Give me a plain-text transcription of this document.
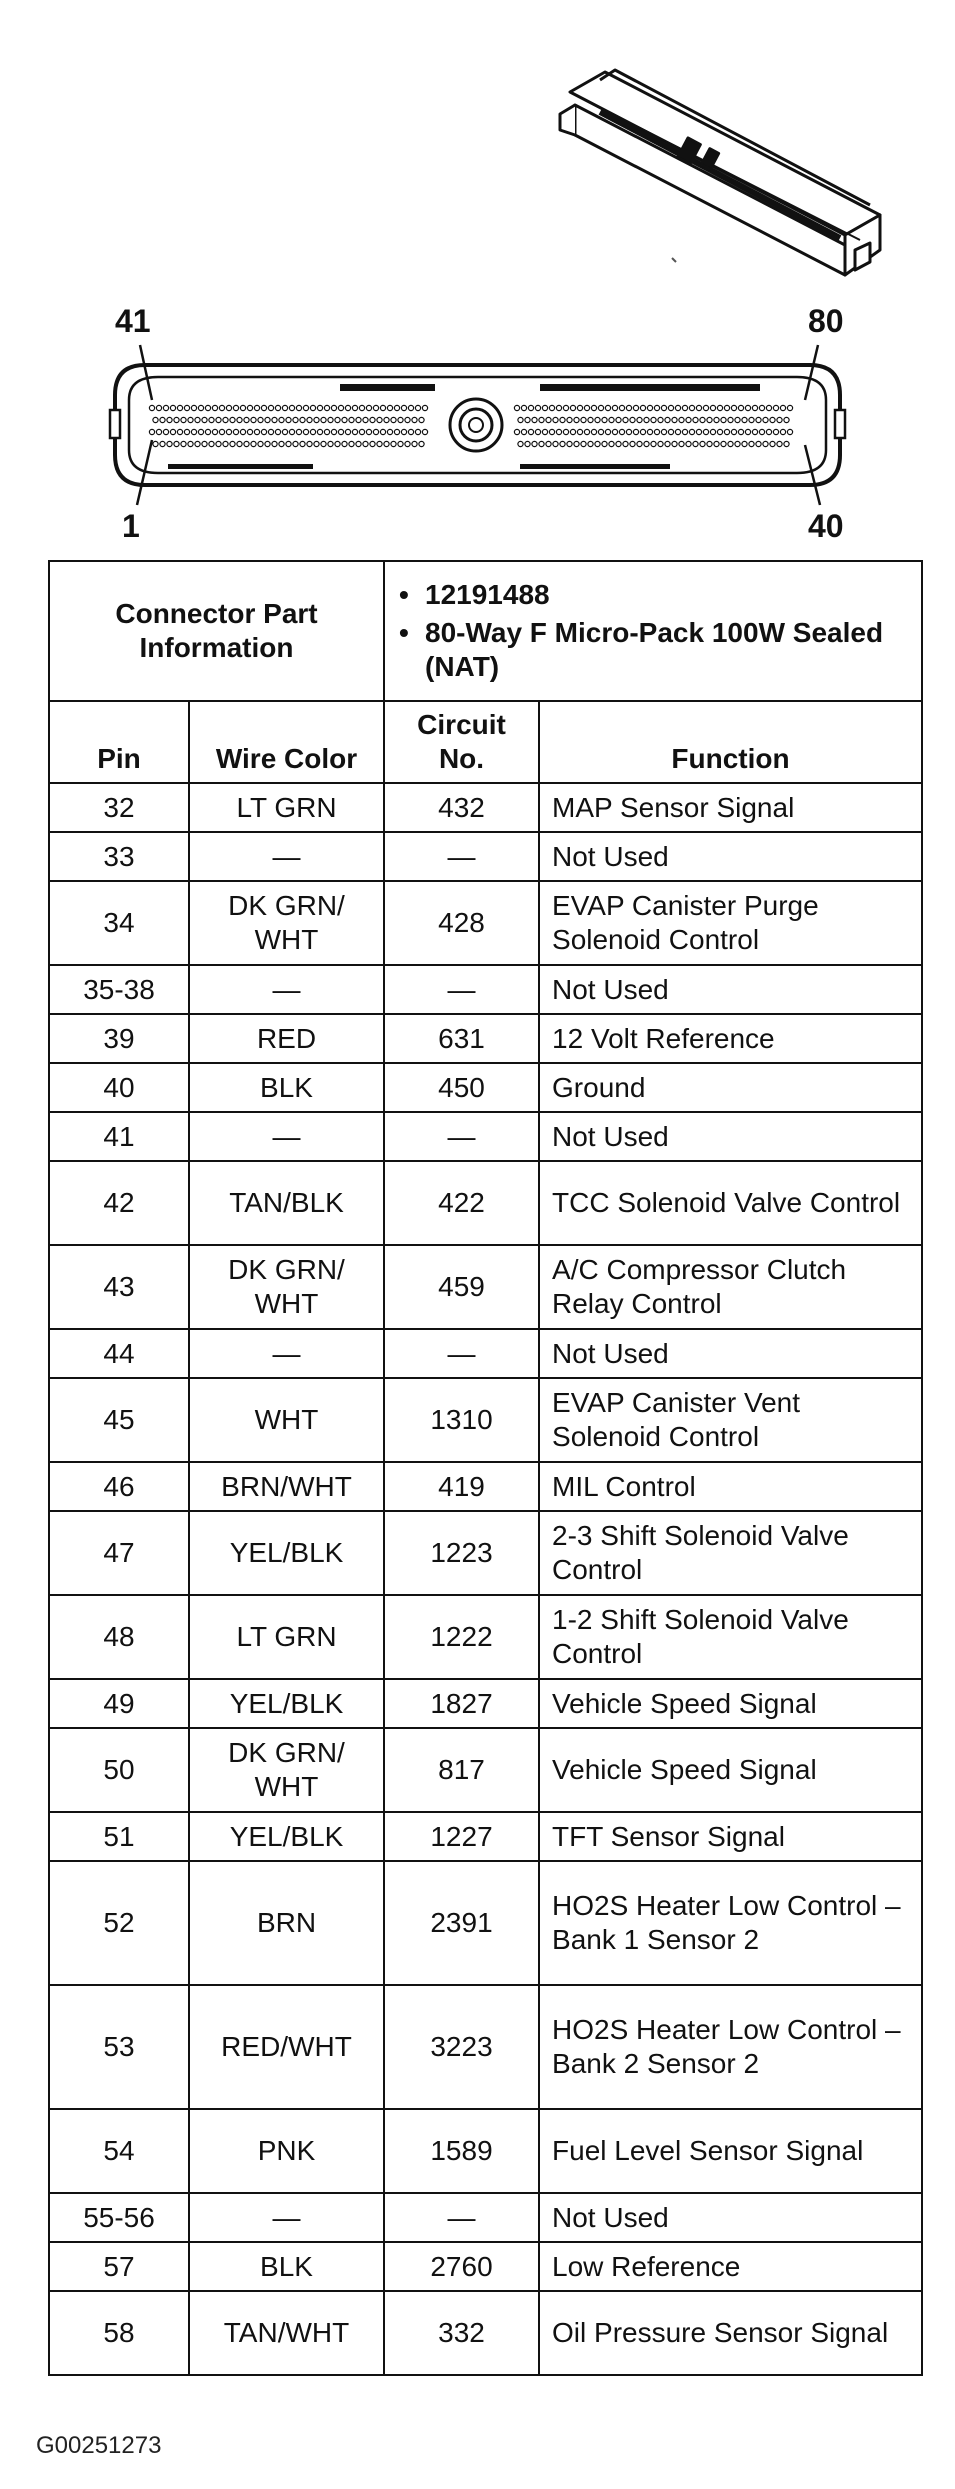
41
1
80
40
Connector Part Information		• 12191488
• 80-Way F Micro-Pack 100W Sealed (NAT)	

Pin	Wire Color	Circuit No.	Function
32	LT GRN	432	MAP Sensor Signal
33	—	—	Not Used
34	DK GRN/ WHT	428	EVAP Canister Purge Solenoid Control
35-38	—	—	Not Used
39	RED	631	12 Volt Reference
40	BLK	450	Ground
41	—	—	Not Used
42	TAN/BLK	422	TCC Solenoid Valve Control
43	DK GRN/ WHT	459	A/C Compressor Clutch Relay Control
44	—	—	Not Used
45	WHT	1310	EVAP Canister Vent Solenoid Control
46	BRN/WHT	419	MIL Control
47	YEL/BLK	1223	2-3 Shift Solenoid Valve Control
48	LT GRN	1222	1-2 Shift Solenoid Valve Control
49	YEL/BLK	1827	Vehicle Speed Signal
50	DK GRN/ WHT	817	Vehicle Speed Signal
51	YEL/BLK	1227	TFT Sensor Signal
52	BRN	2391	HO2S Heater Low Control – Bank 1 Sensor 2
53	RED/WHT	3223	HO2S Heater Low Control – Bank 2 Sensor 2
54	PNK	1589	Fuel Level Sensor Signal
55-56	—	—	Not Used
57	BLK	2760	Low Reference
58	TAN/WHT	332	Oil Pressure Sensor Signal
G00251273
